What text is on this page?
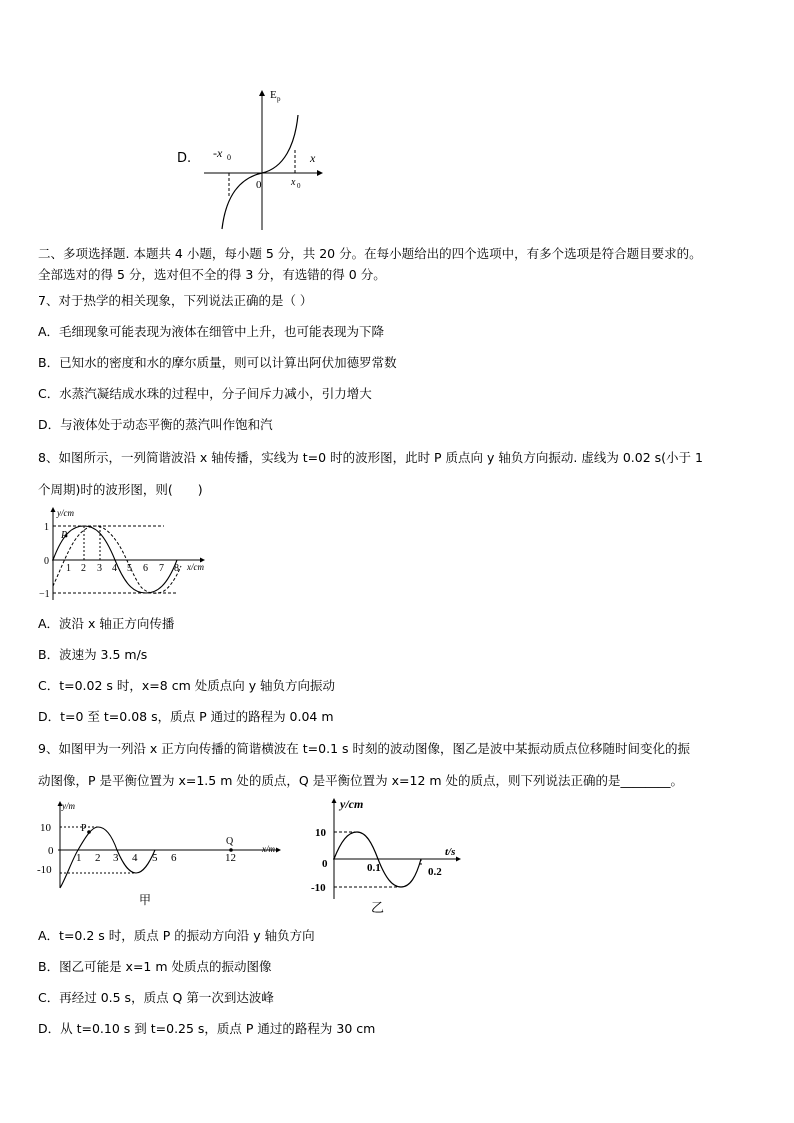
D.
E p
x
-x 0
0	x 0
二、多项选择题. 本题共 4 小题，每小题 5 分，共 20 分。在每小题给出的四个选项中，有多个选项是符合题目要求的。
全部选对的得 5 分，选对但不全的得 3 分，有选错的得 0 分。
7、对于热学的相关现象，下列说法正确的是（ ）
A．毛细现象可能表现为液体在细管中上升，也可能表现为下降
B．已知水的密度和水的摩尔质量，则可以计算出阿伏加德罗常数
C．水蒸汽凝结成水珠的过程中，分子间斥力减小，引力增大
D．与液体处于动态平衡的蒸汽叫作饱和汽
8、如图所示，一列简谐波沿 x 轴传播，实线为 t=0 时的波形图，此时 P 质点向 y 轴负方向振动. 虚线为 0.02 s(小于 1
个周期)时的波形图，则(　　)
P
y/cm
x/cm
1
0
−1
1 2 3 4 5 6 7 8
A．波沿 x 轴正方向传播
B．波速为 3.5 m/s
C．t=0.02 s 时，x=8 cm 处质点向 y 轴负方向振动
D．t=0 至 t=0.08 s，质点 P 通过的路程为 0.04 m
9、如图甲为一列沿 x 正方向传播的简谐横波在 t=0.1 s 时刻的波动图像，图乙是波中某振动质点位移随时间变化的振
动图像，P 是平衡位置为 x=1.5 m 处的质点，Q 是平衡位置为 x=12 m 处的质点，则下列说法正确的是________。
P
Q
y/m
x/m
10
0
-10
1 2 3 4 5 6	12
甲
y/cm
t/s
10
0
-10
0.1	0.2
乙
A．t=0.2 s 时，质点 P 的振动方向沿 y 轴负方向
B．图乙可能是 x=1 m 处质点的振动图像
C．再经过 0.5 s，质点 Q 第一次到达波峰
D．从 t=0.10 s 到 t=0.25 s，质点 P 通过的路程为 30 cm
